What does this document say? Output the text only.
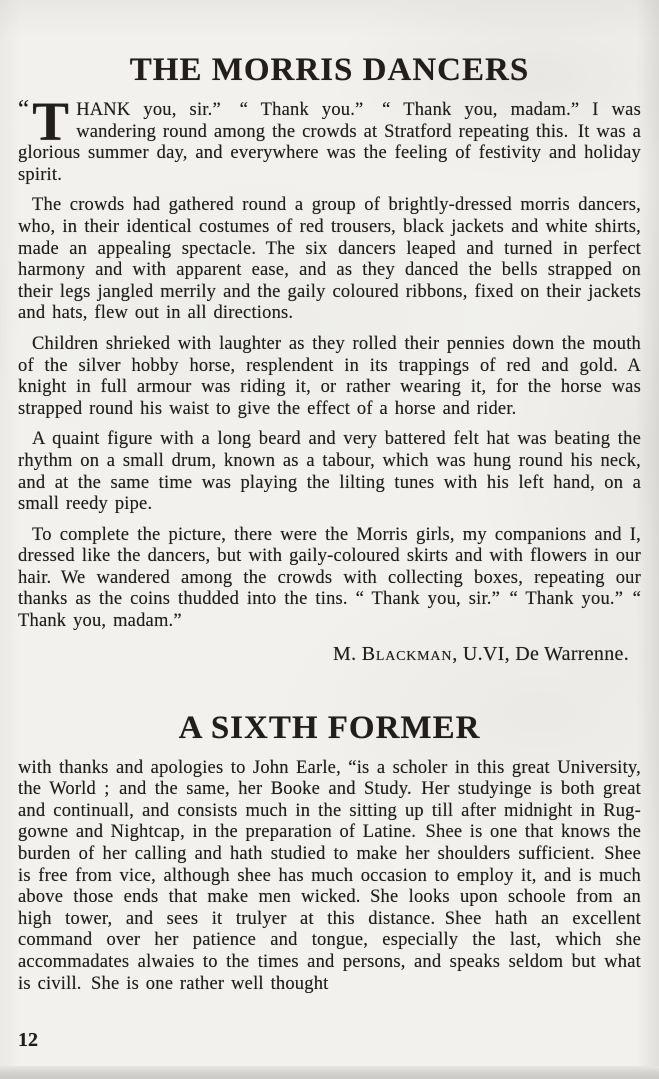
THE MORRIS DANCERS

“T HANK you, sir.” “ Thank you.” “ Thank you, madam.” I was wandering round among the crowds at Stratford repeating this. It was a glorious summer day, and everywhere was the feeling of festivity and holiday spirit.

The crowds had gathered round a group of brightly-dressed morris dancers, who, in their identical costumes of red trousers, black jackets and white shirts, made an appealing spectacle. The six dancers leaped and turned in perfect harmony and with apparent ease, and as they danced the bells strapped on their legs jangled merrily and the gaily coloured ribbons, fixed on their jackets and hats, flew out in all directions.

Children shrieked with laughter as they rolled their pennies down the mouth of the silver hobby horse, resplendent in its trappings of red and gold. A knight in full armour was riding it, or rather wearing it, for the horse was strapped round his waist to give the effect of a horse and rider.

A quaint figure with a long beard and very battered felt hat was beating the rhythm on a small drum, known as a tabour, which was hung round his neck, and at the same time was playing the lilting tunes with his left hand, on a small reedy pipe.

To complete the picture, there were the Morris girls, my companions and I, dressed like the dancers, but with gaily-coloured skirts and with flowers in our hair. We wandered among the crowds with collecting boxes, repeating our thanks as the coins thudded into the tins. “ Thank you, sir.” “ Thank you.” “ Thank you, madam.”

M. Blackman, U.VI, De Warrenne.

A SIXTH FORMER

with thanks and apologies to John Earle, “is a scholer in this great University, the World ; and the same, her Booke and Study. Her studyinge is both great and continuall, and consists much in the sitting up till after midnight in Rug-gowne and Nightcap, in the preparation of Latine. Shee is one that knows the burden of her calling and hath studied to make her shoulders sufficient. Shee is free from vice, although shee has much occasion to employ it, and is much above those ends that make men wicked. She looks upon schoole from an high tower, and sees it trulyer at this distance. Shee hath an excellent command over her patience and tongue, especially the last, which she accommadates alwaies to the times and persons, and speaks seldom but what is civill. She is one rather well thought

12
